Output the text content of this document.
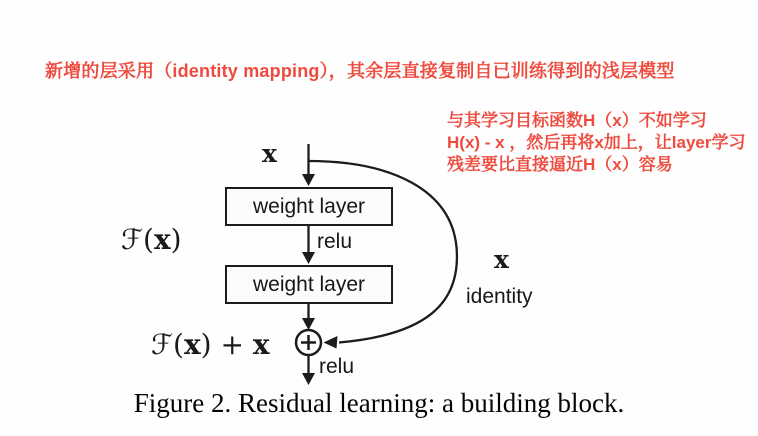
新增的层采用（identity mapping），其余层直接复制自已训练得到的浅层模型
与其学习目标函数H（x）不如学习
H(x) - x ，然后再将x加上，让layer学习
残差要比直接逼近H（x）容易
weight layer
weight layer
relu
relu
identity
x
x
ℱ(x)
ℱ(x) + x
Figure 2. Residual learning: a building block.
